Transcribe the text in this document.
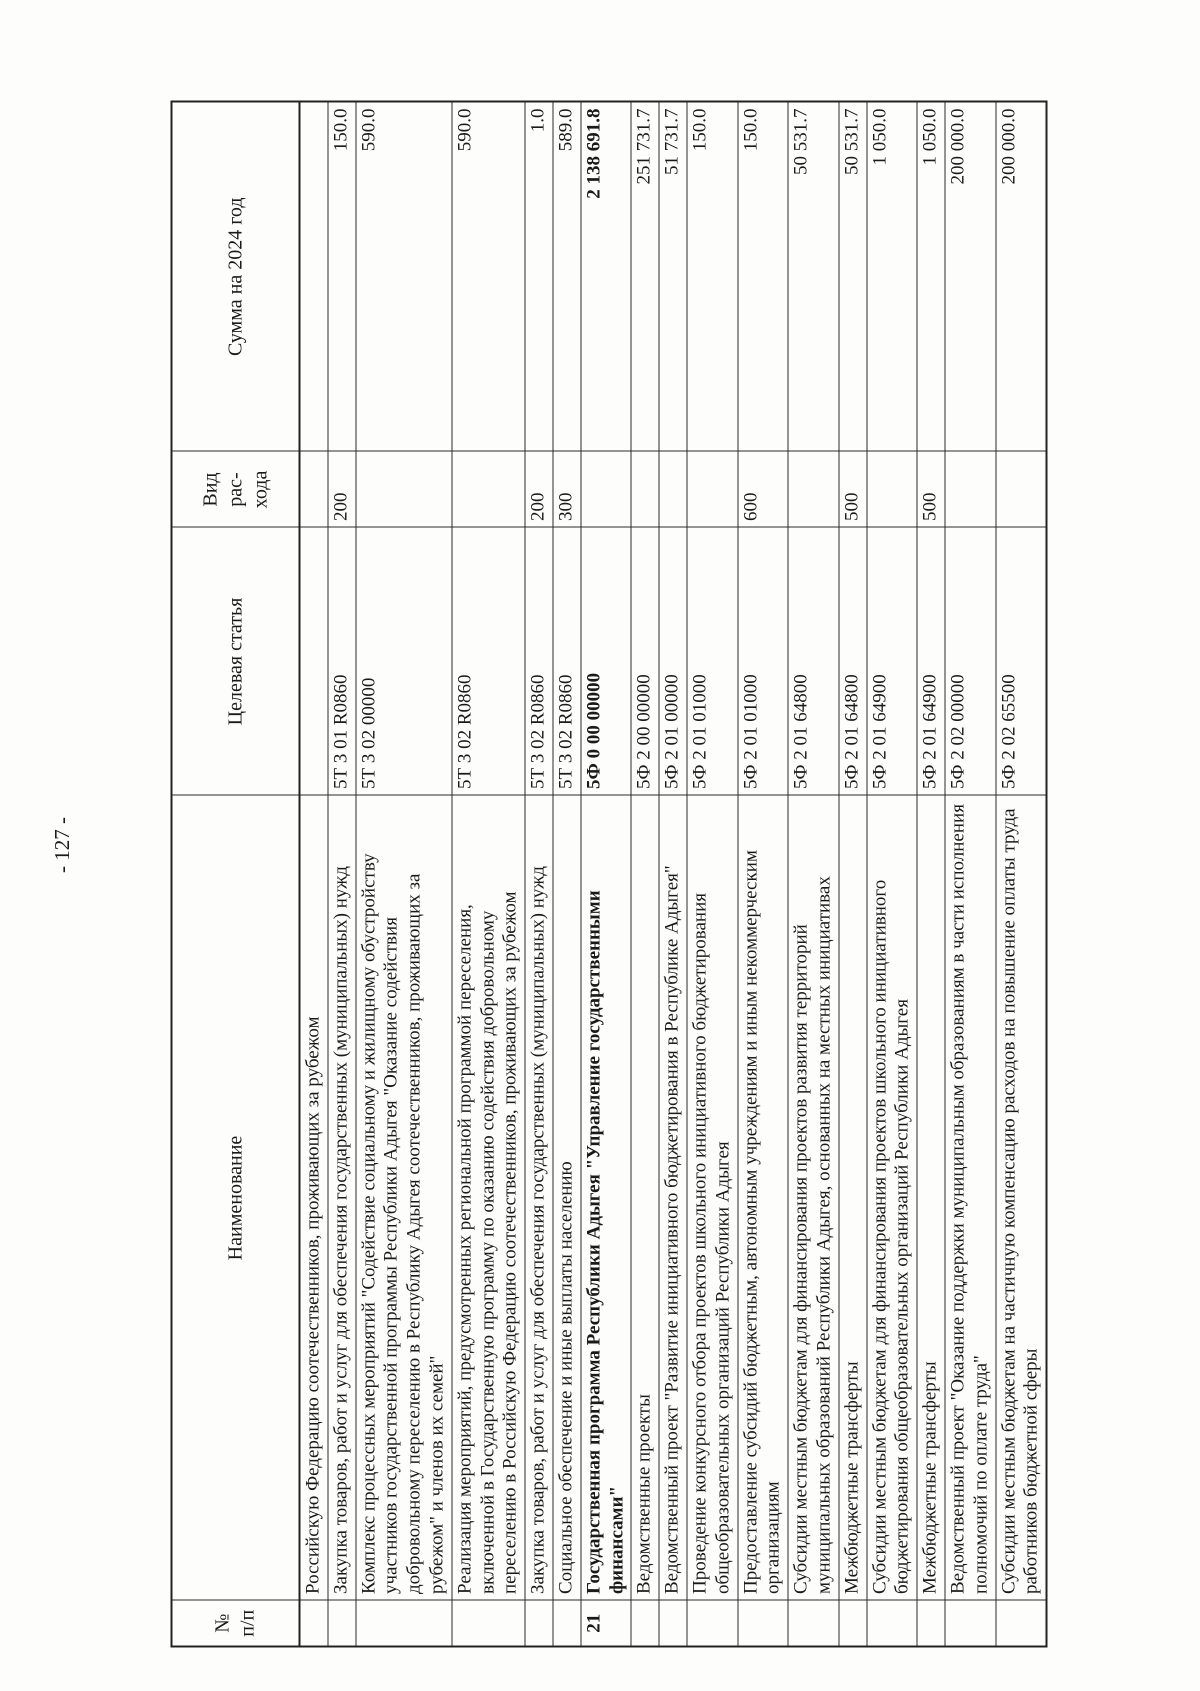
- 127 -
№ п/п	Наименование	Целевая статья	Вид рас-хода	Сумма на 2024 год
	Российскую Федерацию соотечественников, проживающих за рубежом			
	Закупка товаров, работ и услуг для обеспечения государственных (муниципальных) нужд	5Т 3 01 R0860	200	150.0
	Комплекс процессных мероприятий "Содействие социальному и жилищному обустройству участников государственной программы Республики Адыгея "Оказание содействия добровольному переселению в Республику Адыгея соотечественников, проживающих за рубежом" и членов их семей"	5Т 3 02 00000		590.0
	Реализация мероприятий, предусмотренных региональной программой переселения, включенной в Государственную программу по оказанию содействия добровольному переселению в Российскую Федерацию соотечественников, проживающих за рубежом	5Т 3 02 R0860		590.0
	Закупка товаров, работ и услуг для обеспечения государственных (муниципальных) нужд	5Т 3 02 R0860	200	1.0
	Социальное обеспечение и иные выплаты населению	5Т 3 02 R0860	300	589.0
21	Государственная программа Республики Адыгея "Управление государственными финансами"	5Ф 0 00 00000		2 138 691.8
	Ведомственные проекты	5Ф 2 00 00000		251 731.7
	Ведомственный проект "Развитие инициативного бюджетирования в Республике Адыгея"	5Ф 2 01 00000		51 731.7
	Проведение конкурсного отбора проектов школьного инициативного бюджетирования общеобразовательных организаций Республики Адыгея	5Ф 2 01 01000		150.0
	Предоставление субсидий бюджетным, автономным учреждениям и иным некоммерческим организациям	5Ф 2 01 01000	600	150.0
	Субсидии местным бюджетам для финансирования проектов развития территорий муниципальных образований Республики Адыгея, основанных на местных инициативах	5Ф 2 01 64800		50 531.7
	Межбюджетные трансферты	5Ф 2 01 64800	500	50 531.7
	Субсидии местным бюджетам для финансирования проектов школьного инициативного бюджетирования общеобразовательных организаций Республики Адыгея	5Ф 2 01 64900		1 050.0
	Межбюджетные трансферты	5Ф 2 01 64900	500	1 050.0
	Ведомственный проект "Оказание поддержки муниципальным образованиям в части исполнения полномочий по оплате труда"	5Ф 2 02 00000		200 000.0
	Субсидии местным бюджетам на частичную компенсацию расходов на повышение оплаты труда работников бюджетной сферы	5Ф 2 02 65500		200 000.0
